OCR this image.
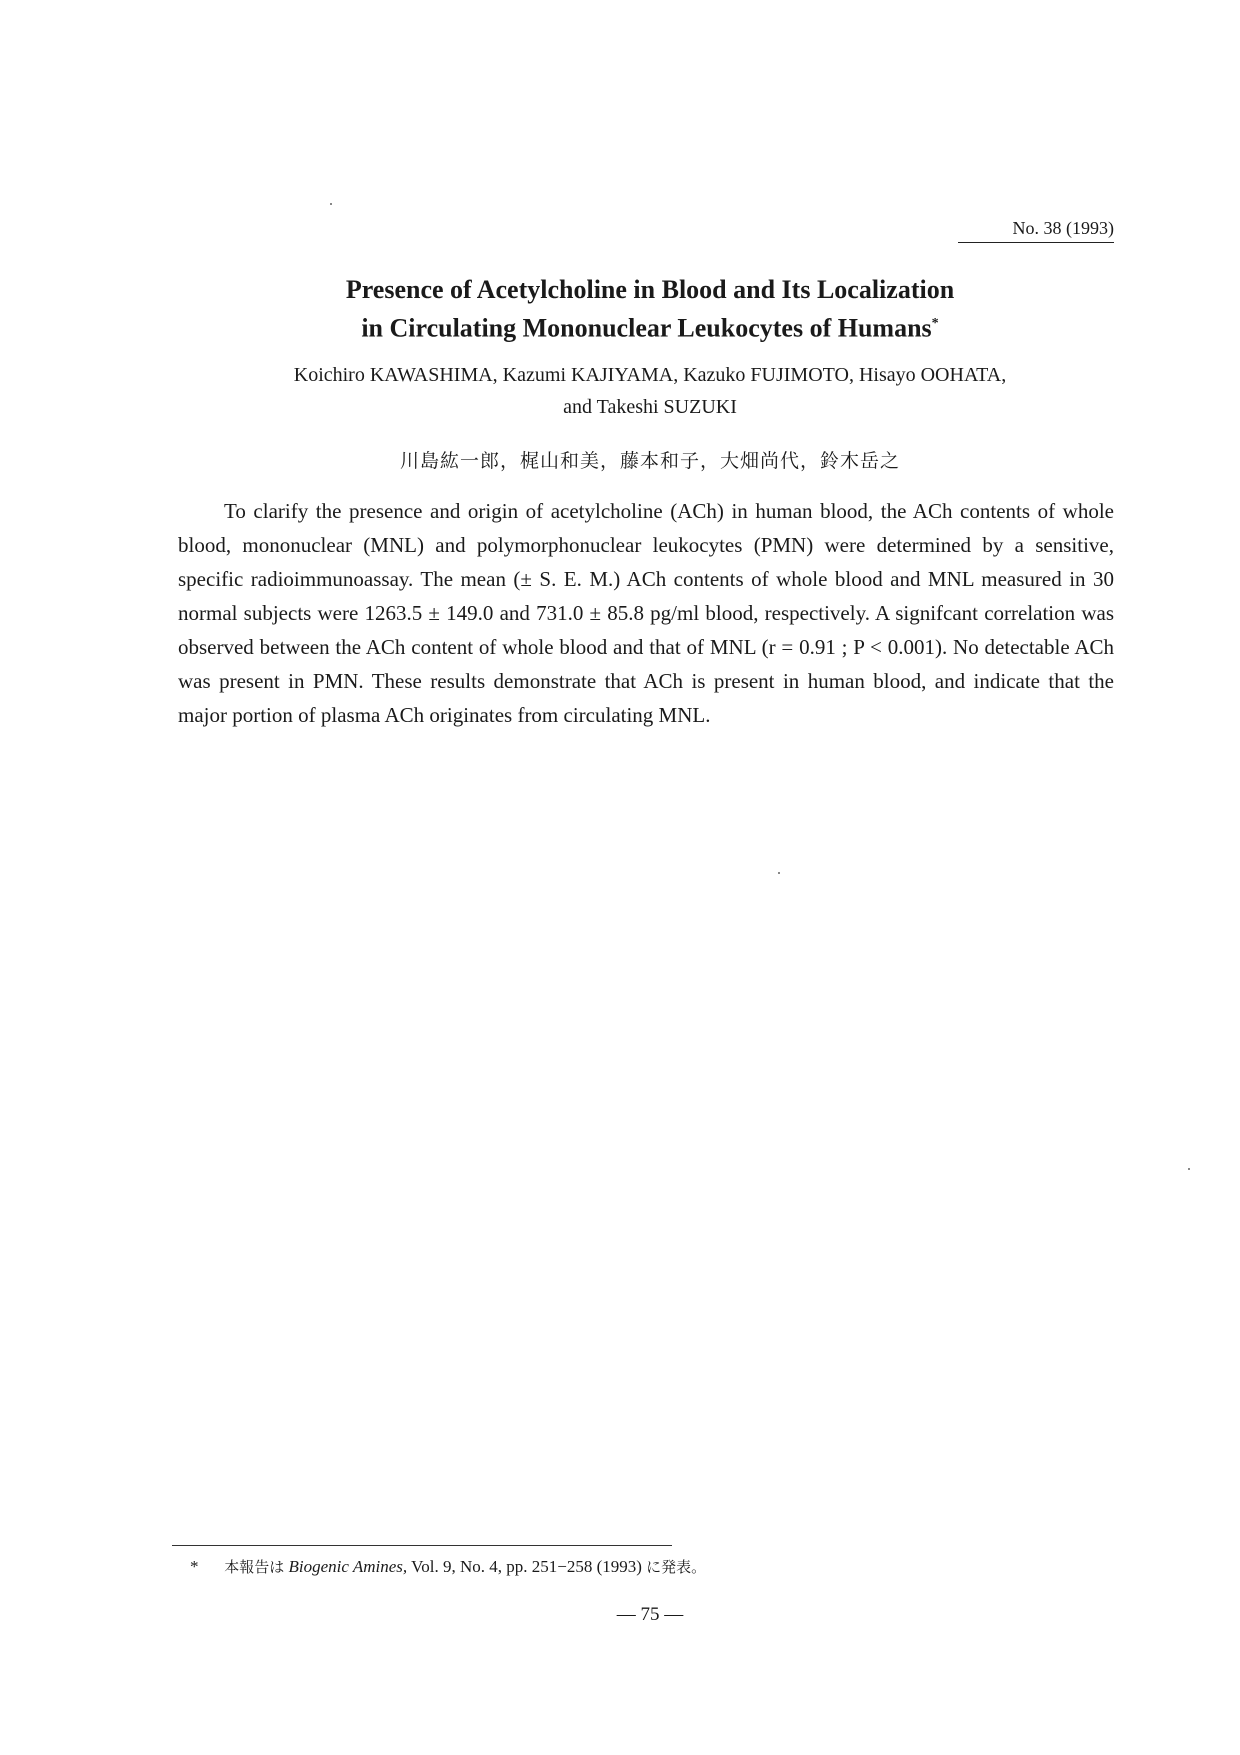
No. 38 (1993)
Presence of Acetylcholine in Blood and Its Localization
in Circulating Mononuclear Leukocytes of Humans*
Koichiro KAWASHIMA, Kazumi KAJIYAMA, Kazuko FUJIMOTO, Hisayo OOHATA,
and Takeshi SUZUKI
川島紘一郎，梶山和美，藤本和子，大畑尚代，鈴木岳之

To clarify the presence and origin of acetylcholine (ACh) in human blood, the ACh contents of whole blood, mononuclear (MNL) and polymorphonuclear leukocytes (PMN) were determined by a sensitive, specific radioimmunoassay. The mean (± S. E. M.) ACh contents of whole blood and MNL measured in 30 normal subjects were 1263.5 ± 149.0 and 731.0 ± 85.8 pg/ml blood, respectively. A signifcant correlation was observed between the ACh content of whole blood and that of MNL (r = 0.91 ; P < 0.001). No detectable ACh was present in PMN. These results demonstrate that ACh is present in human blood, and indicate that the major portion of plasma ACh originates from circulating MNL.

* 本報告は Biogenic Amines, Vol. 9, No. 4, pp. 251−258 (1993) に発表。
— 75 —
